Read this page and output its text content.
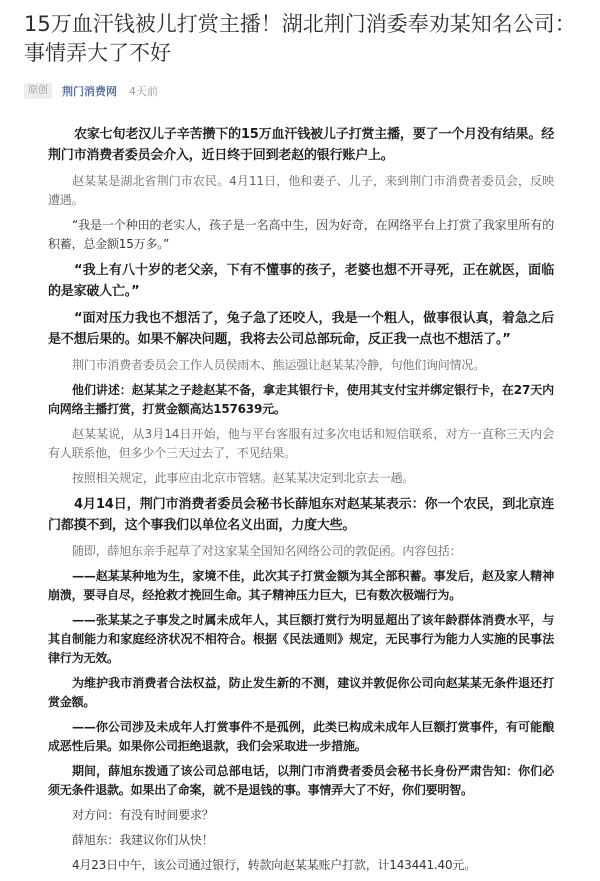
15万血汗钱被儿打赏主播！湖北荆门消委奉劝某知名公司：事情弄大了不好
原创	荆门消费网 4天前

农家七旬老汉儿子辛苦攒下的15万血汗钱被儿子打赏主播，要了一个月没有结果。经荆门市消费者委员会介入，近日终于回到老赵的银行账户上。

赵某某是湖北省荆门市农民。4月11日，他和妻子、儿子，来到荆门市消费者委员会，反映遭遇。

“我是一个种田的老实人，孩子是一名高中生，因为好奇，在网络平台上打赏了我家里所有的积蓄，总金额15万多。”

“我上有八十岁的老父亲，下有不懂事的孩子，老婆也想不开寻死，正在就医，面临的是家破人亡。”

“面对压力我也不想活了，兔子急了还咬人，我是一个粗人，做事很认真，着急之后是不想后果的。如果不解决问题，我将去公司总部玩命，反正我一点也不想活了。”

荆门市消费者委员会工作人员侯雨木、熊运强让赵某某冷静，句他们询问情况。

他们讲述：赵某某之子趁赵某不备，拿走其银行卡，使用其支付宝并绑定银行卡，在27天内向网络主播打赏，打赏金额高达157639元。

赵某某说，从3月14日开始，他与平台客服有过多次电话和短信联系，对方一直称三天内会有人联系他，但多少个三天过去了，不见结果。

按照相关规定，此事应由北京市管辖。赵某某决定到北京去一趟。

4月14日，荆门市消费者委员会秘书长薛旭东对赵某某表示：你一个农民，到北京连门都摸不到，这个事我们以单位名义出面，力度大些。

随即，薛旭东亲手起草了对这家某全国知名网络公司的敦促函。内容包括：

——赵某某种地为生，家境不佳，此次其子打赏金额为其全部积蓄。事发后，赵及家人精神崩溃，要寻自尽，经抢救才挽回生命。其子精神压力巨大，已有数次极端行为。

——张某某之子事发之时属未成年人，其巨额打赏行为明显超出了该年龄群体消费水平，与其自制能力和家庭经济状况不相符合。根据《民法通则》规定，无民事行为能力人实施的民事法律行为无效。

为维护我市消费者合法权益，防止发生新的不测，建议并敦促你公司向赵某某无条件退还打赏金额。

——你公司涉及未成年人打赏事件不是孤例，此类已构成未成年人巨额打赏事件，有可能酿成恶性后果。如果你公司拒绝退款，我们会采取进一步措施。

期间，薛旭东拨通了该公司总部电话，以荆门市消费者委员会秘书长身份严肃告知：你们必须无条件退款。如果出了命案，就不是退钱的事。事情弄大了不好，你们要明智。

对方问：有没有时间要求？

薛旭东：我建议你们从快！

4月23日中午，该公司通过银行，转款向赵某某账户打款，计143441.40元。
